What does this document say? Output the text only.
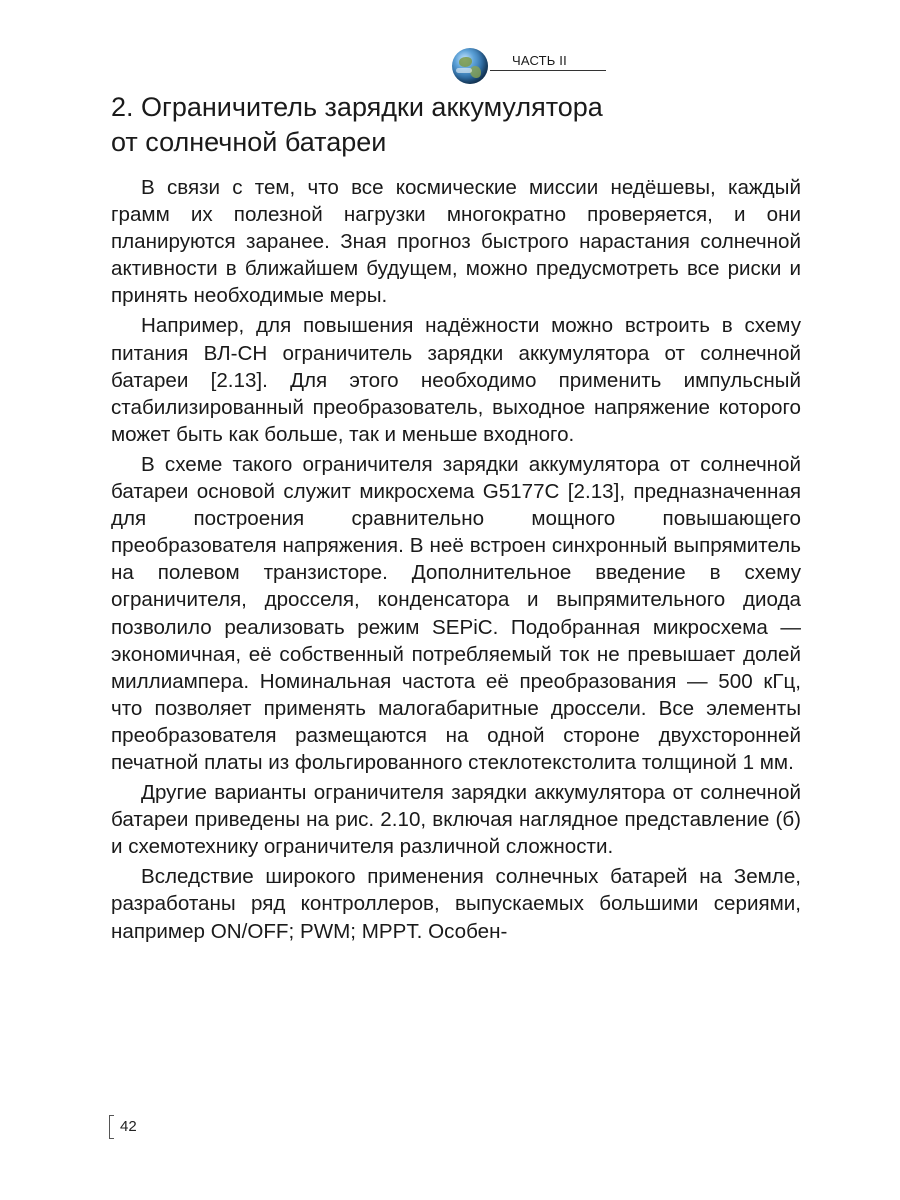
ЧАСТЬ II
2. Ограничитель зарядки аккумулятора
от солнечной батареи

В связи с тем, что все космические миссии недёшевы, каждый грамм их полезной нагрузки многократно проверяется, и они планируются заранее. Зная прогноз быстрого нарастания солнечной активности в ближайшем будущем, можно предусмотреть все риски и принять необходимые меры.

Например, для повышения надёжности можно встроить в схему питания ВЛ-СН ограничитель зарядки аккумулятора от солнечной батареи [2.13]. Для этого необходимо применить импульсный стабилизированный преобразователь, выходное напряжение которого может быть как больше, так и меньше входного.

В схеме такого ограничителя зарядки аккумулятора от солнечной батареи основой служит микросхема G5177C [2.13], предназначенная для построения сравнительно мощного повышающего преобразователя напряжения. В неё встроен синхронный выпрямитель на полевом транзисторе. Дополнительное введение в схему ограничителя, дросселя, конденсатора и выпрямительного диода позволило реализовать режим SEPiC. Подобранная микросхема — экономичная, её собственный потребляемый ток не превышает долей миллиампера. Номинальная частота её преобразования — 500 кГц, что позволяет применять малогабаритные дроссели. Все элементы преобразователя размещаются на одной стороне двухсторонней печатной платы из фольгированного стеклотекстолита толщиной 1 мм.

Другие варианты ограничителя зарядки аккумулятора от солнечной батареи приведены на рис. 2.10, включая наглядное представление (б) и схемотехнику ограничителя различной сложности.

Вследствие широкого применения солнечных батарей на Земле, разработаны ряд контроллеров, выпускаемых большими сериями, например ON/OFF; PWM; MPPT. Особен-

42
